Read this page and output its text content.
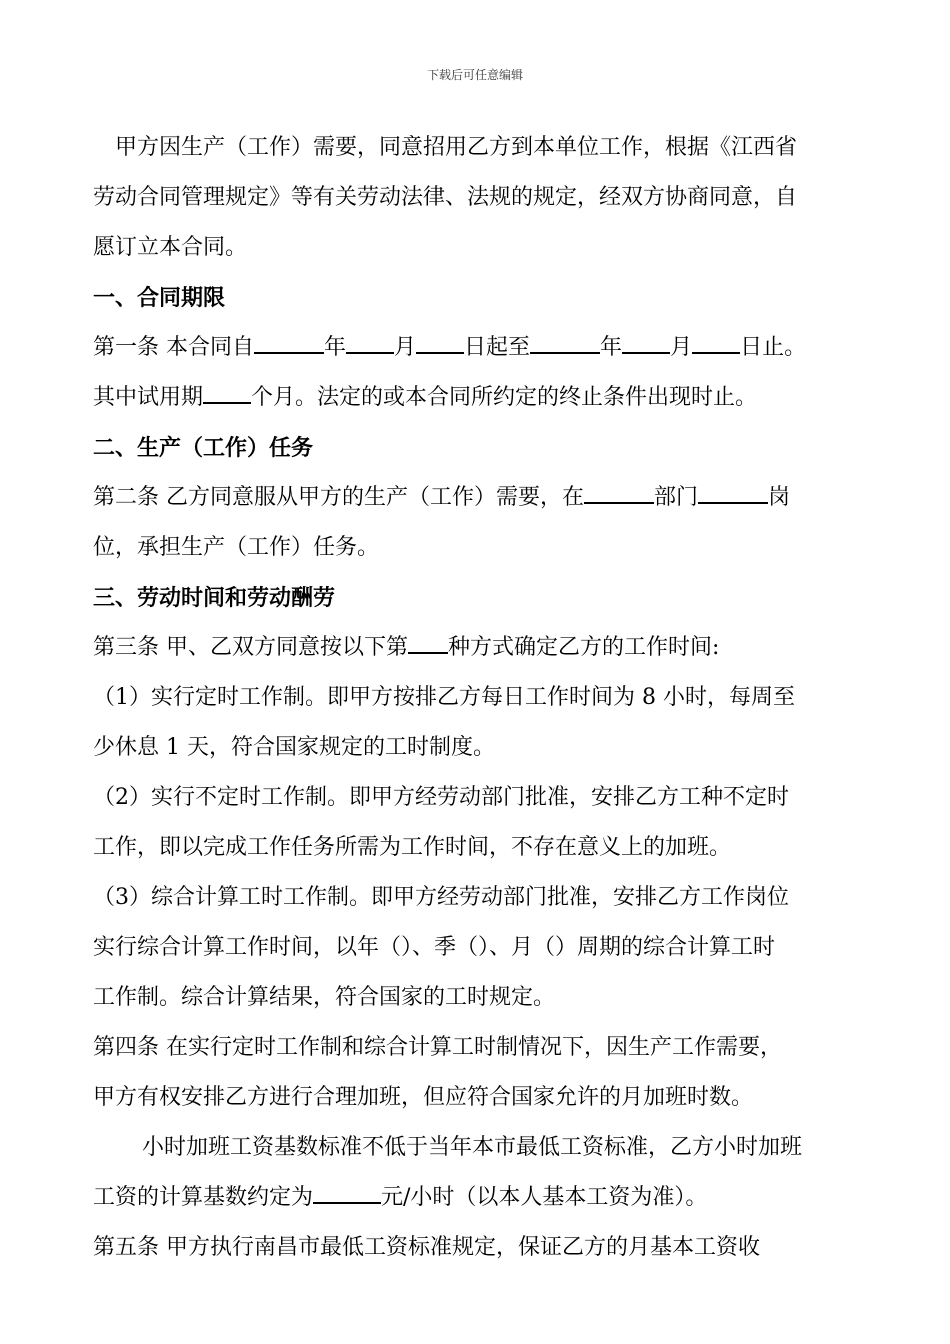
下载后可任意编辑
甲方因生产（工作）需要，同意招用乙方到本单位工作，根据《江西省
劳动合同管理规定》等有关劳动法律、法规的规定，经双方协商同意，自
愿订立本合同。
一、合同期限
第一条 本合同自	年 月 日起至	年 月 日止。
其中试用期 个月。法定的或本合同所约定的终止条件出现时止。
二、生产（工作）任务
第二条 乙方同意服从甲方的生产（工作）需要，在	部门	岗
位，承担生产（工作）任务。
三、劳动时间和劳动酬劳
第三条 甲、乙双方同意按以下第 种方式确定乙方的工作时间:
（1）实行定时工作制。即甲方按排乙方每日工作时间为 8 小时，每周至
少休息 1 天，符合国家规定的工时制度。
（2）实行不定时工作制。即甲方经劳动部门批准，安排乙方工种不定时
工作，即以完成工作任务所需为工作时间，不存在意义上的加班。
（3）综合计算工时工作制。即甲方经劳动部门批准，安排乙方工作岗位
实行综合计算工作时间，以年（）、季（）、月（）周期的综合计算工时
工作制。综合计算结果，符合国家的工时规定。
第四条 在实行定时工作制和综合计算工时制情况下，因生产工作需要，
甲方有权安排乙方进行合理加班，但应符合国家允许的月加班时数。
小时加班工资基数标准不低于当年本市最低工资标准，乙方小时加班
工资的计算基数约定为	元/小时（以本人基本工资为准）。
第五条 甲方执行南昌市最低工资标准规定，保证乙方的月基本工资收
